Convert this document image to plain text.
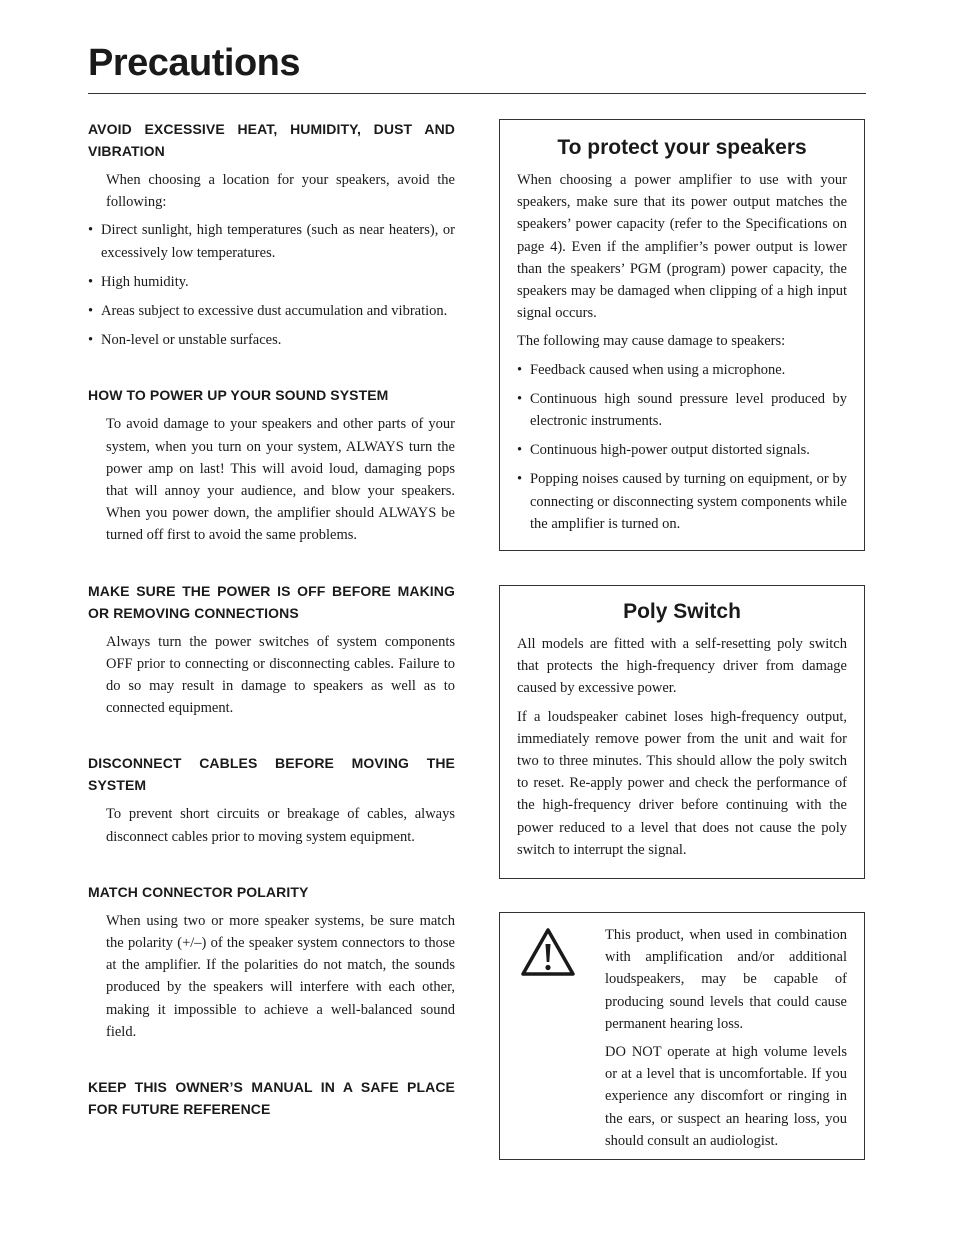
Precautions
AVOID EXCESSIVE HEAT, HUMIDITY, DUST AND VIBRATION

When choosing a location for your speakers, avoid the following:

• Direct sunlight, high temperatures (such as near heaters), or excessively low temperatures.
• High humidity.
• Areas subject to excessive dust accumulation and vibration.
• Non-level or unstable surfaces.
HOW TO POWER UP YOUR SOUND SYSTEM

To avoid damage to your speakers and other parts of your system, when you turn on your system, ALWAYS turn the power amp on last! This will avoid loud, damaging pops that will annoy your audience, and blow your speakers. When you power down, the amplifier should ALWAYS be turned off first to avoid the same problems.

MAKE SURE THE POWER IS OFF BEFORE MAKING OR REMOVING CONNECTIONS

Always turn the power switches of system components OFF prior to connecting or disconnecting cables. Failure to do so may result in damage to speakers as well as to connected equipment.

DISCONNECT CABLES BEFORE MOVING THE SYSTEM

To prevent short circuits or breakage of cables, always disconnect cables prior to moving system equipment.

MATCH CONNECTOR POLARITY

When using two or more speaker systems, be sure match the polarity (+/–) of the speaker system connectors to those at the amplifier. If the polarities do not match, the sounds produced by the speakers will interfere with each other, making it impossible to achieve a well-balanced sound field.

KEEP THIS OWNER’S MANUAL IN A SAFE PLACE FOR FUTURE REFERENCE
To protect your speakers

When choosing a power amplifier to use with your speakers, make sure that its power output matches the speakers’ power capacity (refer to the Specifications on page 4). Even if the amplifier’s power output is lower than the speakers’ PGM (program) power capacity, the speakers may be damaged when clipping of a high input signal occurs.

The following may cause damage to speakers:

• Feedback caused when using a microphone.
• Continuous high sound pressure level produced by electronic instruments.
• Continuous high-power output distorted signals.
• Popping noises caused by turning on equipment, or by connecting or disconnecting system components while the amplifier is turned on.
Poly Switch

All models are fitted with a self-resetting poly switch that protects the high-frequency driver from damage caused by excessive power.

If a loudspeaker cabinet loses high-frequency output, immediately remove power from the unit and wait for two to three minutes. This should allow the poly switch to reset. Re-apply power and check the performance of the high-frequency driver before continuing with the power reduced to a level that does not cause the poly switch to interrupt the signal.

This product, when used in combination with amplification and/or additional loudspeakers, may be capable of producing sound levels that could cause permanent hearing loss.

DO NOT operate at high volume levels or at a level that is uncomfortable. If you experience any discomfort or ringing in the ears, or suspect an hearing loss, you should consult an audiologist.
